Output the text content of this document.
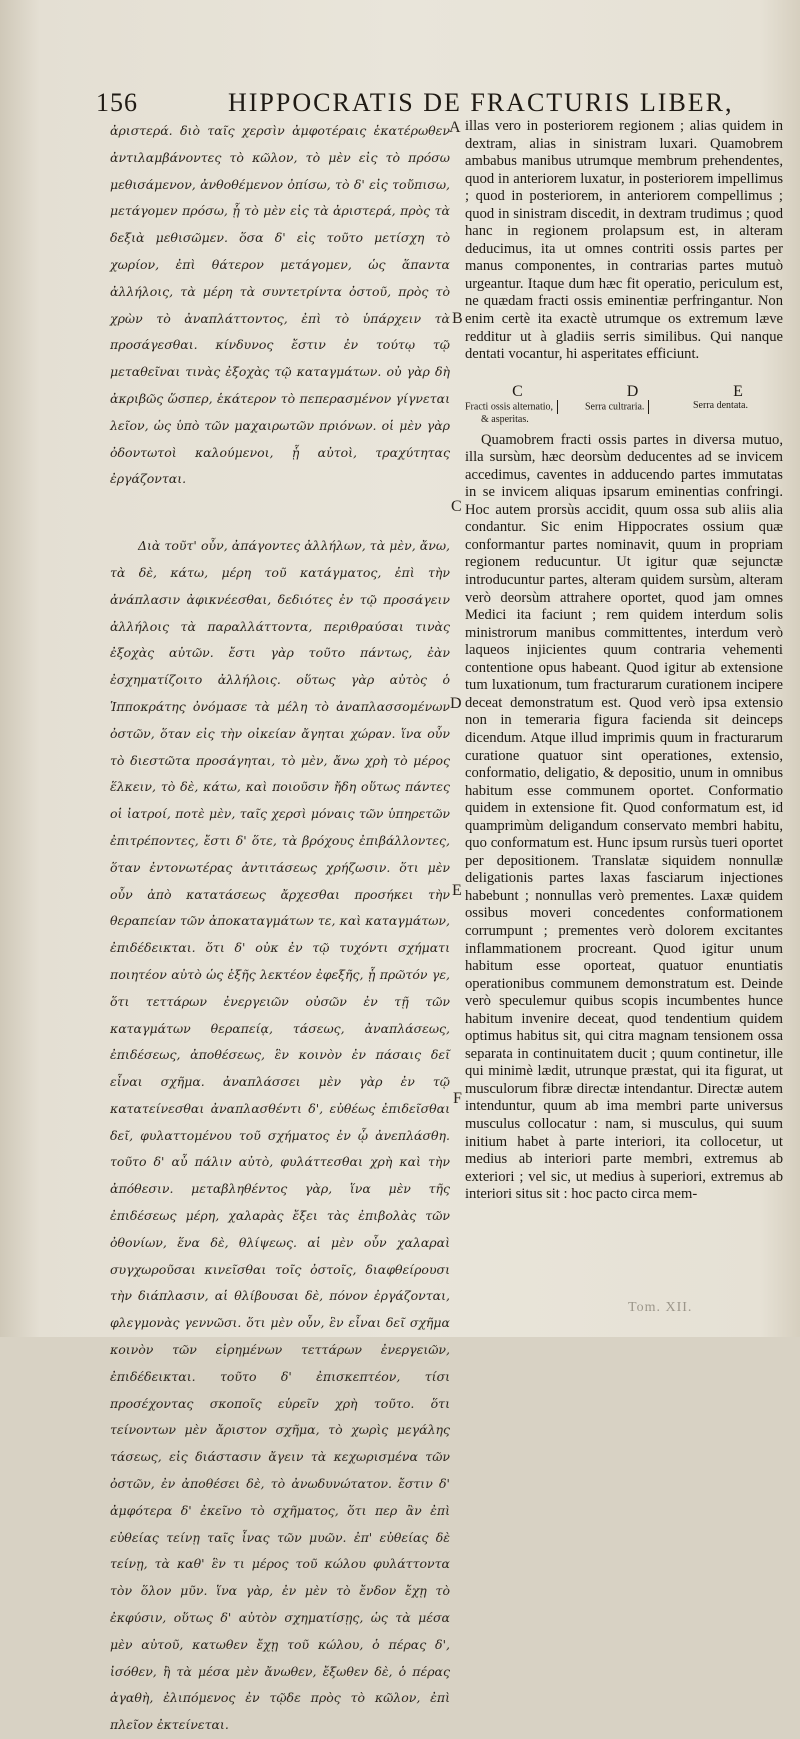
156	HIPPOCRATIS DE FRACTURIS LIBER,

ἀριστερά. διὸ ταῖς χερσὶν ἀμφοτέραις ἑκατέρωθεν ἀντιλαμβάνοντες τὸ κῶλον, τὸ μὲν εἰς τὸ πρόσω μεθισάμενον, ἀνθοθέμενον ὀπίσω, τὸ δ' εἰς τοὔπισω, μετάγομεν πρόσω, ᾗ τὸ μὲν εἰς τὰ ἀριστερά, πρὸς τὰ δεξιὰ μεθισῶμεν. ὅσα δ' εἰς τοῦτο μετίσχη τὸ χωρίον, ἐπὶ θάτερον μετάγομεν, ὡς ἅπαντα ἀλλήλοις, τὰ μέρη τὰ συντετρίντα ὀστοῦ, πρὸς τὸ χρὼν τὸ ἀναπλάττοντος, ἐπὶ τὸ ὑπάρχειν τὰ προσάγεσθαι. κίνδυνος ἔστιν ἐν τούτῳ τῷ μεταθεῖναι τινὰς ἐξοχὰς τῷ καταγμάτων. οὐ γὰρ δὴ ἀκριβῶς ὥσπερ, ἑκάτερον τὸ πεπερασμένον γίγνεται λεῖον, ὡς ὑπὸ τῶν μαχαιρωτῶν πριόνων. οἱ μὲν γὰρ ὀδοντωτοὶ καλούμενοι, ᾗ αὐτοὶ, τραχύτητας ἐργάζονται.

Διὰ τοῦτ' οὖν, ἀπάγοντες ἀλλήλων, τὰ μὲν, ἄνω, τὰ δὲ, κάτω, μέρη τοῦ κατάγματος, ἐπὶ τὴν ἀνάπλασιν ἀφικνέεσθαι, δεδιότες ἐν τῷ προσάγειν ἀλλήλοις τὰ παραλλάττοντα, περιθραύσαι τινὰς ἐξοχὰς αὐτῶν. ἔστι γὰρ τοῦτο πάντως, ἐὰν ἐσχηματίζοιτο ἀλλήλοις. οὕτως γὰρ αὐτὸς ὁ Ἱπποκράτης ὀνόμασε τὰ μέλη τὸ ἀναπλασσομένων ὀστῶν, ὅταν εἰς τὴν οἰκείαν ἄγηται χώραν. ἵνα οὖν τὸ διεστῶτα προσάγηται, τὸ μὲν, ἄνω χρὴ τὸ μέρος ἕλκειν, τὸ δὲ, κάτω, καὶ ποιοῦσιν ἤδη οὕτως πάντες οἱ ἰατροί, ποτὲ μὲν, ταῖς χερσὶ μόναις τῶν ὑπηρετῶν ἐπιτρέποντες, ἔστι δ' ὅτε, τὰ βρόχους ἐπιβάλλοντες, ὅταν ἐντονωτέρας ἀντιτάσεως χρήζωσιν. ὅτι μὲν οὖν ἀπὸ κατατάσεως ἄρχεσθαι προσήκει τὴν θεραπείαν τῶν ἀποκαταγμάτων τε, καὶ καταγμάτων, ἐπιδέδεικται. ὅτι δ' οὐκ ἐν τῷ τυχόντι σχήματι ποιητέον αὐτὸ ὡς ἑξῆς λεκτέον ἐφεξῆς, ᾗ πρῶτόν γε, ὅτι τεττάρων ἐνεργειῶν οὐσῶν ἐν τῇ τῶν καταγμάτων θεραπείᾳ, τάσεως, ἀναπλάσεως, ἐπιδέσεως, ἀποθέσεως, ἓν κοινὸν ἐν πάσαις δεῖ εἶναι σχῆμα. ἀναπλάσσει μὲν γὰρ ἐν τῷ κατατείνεσθαι ἀναπλασθέντι δ', εὐθέως ἐπιδεῖσθαι δεῖ, φυλαττομένου τοῦ σχήματος ἐν ᾧ ἀνεπλάσθη. τοῦτο δ' αὖ πάλιν αὐτὸ, φυλάττεσθαι χρὴ καὶ τὴν ἀπόθεσιν. μεταβληθέντος γὰρ, ἵνα μὲν τῆς ἐπιδέσεως μέρη, χαλαρὰς ἔξει τὰς ἐπιβολὰς τῶν ὀθονίων, ἕνα δὲ, θλίψεως. αἱ μὲν οὖν χαλαραὶ συγχωροῦσαι κινεῖσθαι τοῖς ὀστοῖς, διαφθείρουσι τὴν διάπλασιν, αἱ θλίβουσαι δὲ, πόνον ἐργάζονται, φλεγμονὰς γεννῶσι. ὅτι μὲν οὖν, ἓν εἶναι δεῖ σχῆμα κοινὸν τῶν εἰρημένων τεττάρων ἐνεργειῶν, ἐπιδέδεικται. τοῦτο δ' ἐπισκεπτέον, τίσι προσέχοντας σκοποῖς εὑρεῖν χρὴ τοῦτο. ὅτι τείνοντων μὲν ἄριστον σχῆμα, τὸ χωρὶς μεγάλης τάσεως, εἰς διάστασιν ἄγειν τὰ κεχωρισμένα τῶν ὀστῶν, ἐν ἀποθέσει δὲ, τὸ ἀνωδυνώτατον. ἔστιν δ' ἀμφότερα δ' ἐκεῖνο τὸ σχῆματος, ὅτι περ ἂν ἐπὶ εὐθείας τείνῃ ταῖς ἶνας τῶν μυῶν. ἐπ' εὐθείας δὲ τείνῃ, τὰ καθ' ἓν τι μέρος τοῦ κώλου φυλάττοντα τὸν ὅλον μῦν. ἵνα γὰρ, ἐν μὲν τὸ ἔνδον ἔχῃ τὸ ἐκφύσιν, οὕτως δ' αὐτὸν σχηματίσῃς, ὡς τὰ μέσα μὲν αὐτοῦ, κατωθεν ἔχῃ τοῦ κώλου, ὁ πέρας δ', ἰσόθεν, ἢ τὰ μέσα μὲν ἄνωθεν, ἔξωθεν δὲ, ὁ πέρας ἀγαθὴ, ἐλιπόμενος ἐν τῷδε πρὸς τὸ κῶλον, ἐπὶ πλεῖον ἐκτείνεται.

A
B
C
D
E
F

illas vero in posteriorem regionem ; alias quidem in dextram, alias in sinistram luxari. Quamobrem ambabus manibus utrumque membrum prehendentes, quod in anteriorem luxatur, in posteriorem impellimus ; quod in posteriorem, in anteriorem compellimus ; quod in sinistram discedit, in dextram trudimus ; quod hanc in regionem prolapsum est, in alteram deducimus, ita ut omnes contriti ossis partes per manus componentes, in contrarias partes mutuò urgeantur. Itaque dum hæc fit operatio, periculum est, ne quædam fracti ossis eminentiæ perfringantur. Non enim certè ita exactè utrumque os extremum læve redditur ut à gladiis serris similibus. Qui nanque dentati vocantur, hi asperitates efficiunt.

Quamobrem fracti ossis partes in diversa mutuo, illa sursùm, hæc deorsùm deducentes ad se invicem accedimus, caventes in adducendo partes immutatas in se invicem aliquas ipsarum eminentias confringi. Hoc autem prorsùs accidit, quum ossa sub aliis alia condantur. Sic enim Hippocrates ossium quæ conformantur partes nominavit, quum in propriam regionem reducuntur. Ut igitur quæ sejunctæ introducuntur partes, alteram quidem sursùm, alteram verò deorsùm attrahere oportet, quod jam omnes Medici ita faciunt ; rem quidem interdum solis ministrorum manibus committentes, interdum verò laqueos injicientes quum contraria vehementi contentione opus habeant. Quod igitur ab extensione tum luxationum, tum fracturarum curationem incipere deceat demonstratum est. Quod verò ipsa extensio non in temeraria figura facienda sit deinceps dicendum. Atque illud imprimis quum in fracturarum curatione quatuor sint operationes, extensio, conformatio, deligatio, & depositio, unum in omnibus habitum esse communem oportet. Conformatio quidem in extensione fit. Quod conformatum est, id quamprimùm deligandum conservato membri habitu, quo conformatum est. Hunc ipsum rursùs tueri oportet per depositionem. Translatæ siquidem nonnullæ deligationis partes laxas fasciarum injectiones habebunt ; nonnullas verò prementes. Laxæ quidem ossibus moveri concedentes conformationem corrumpunt ; prementes verò dolorem excitantes inflammationem procreant. Quod igitur unum habitum esse oporteat, quatuor enuntiatis operationibus communem demonstratum est. Deinde verò speculemur quibus scopis incumbentes hunce habitum invenire deceat, quod tendentium quidem optimus habitus sit, qui citra magnam tensionem ossa separata in continuitatem ducit ; quum continetur, ille qui minimè lædit, utrunque præstat, qui ita figurat, ut musculorum fibræ directæ intendantur. Directæ autem intenduntur, quum ab ima membri parte universus musculus collocatur : nam, si musculus, qui suum initium habet à parte interiori, ita collocetur, ut medius ab interiori parte membri, extremus ab exteriori ; vel sic, ut medius à superiori, extremus ab interiori situs sit : hoc pacto circa mem-

C
Fracti ossis alternatio,
& asperitas.
D
Serra cultraria.
E
Serra dentata.
Tom. XII.
